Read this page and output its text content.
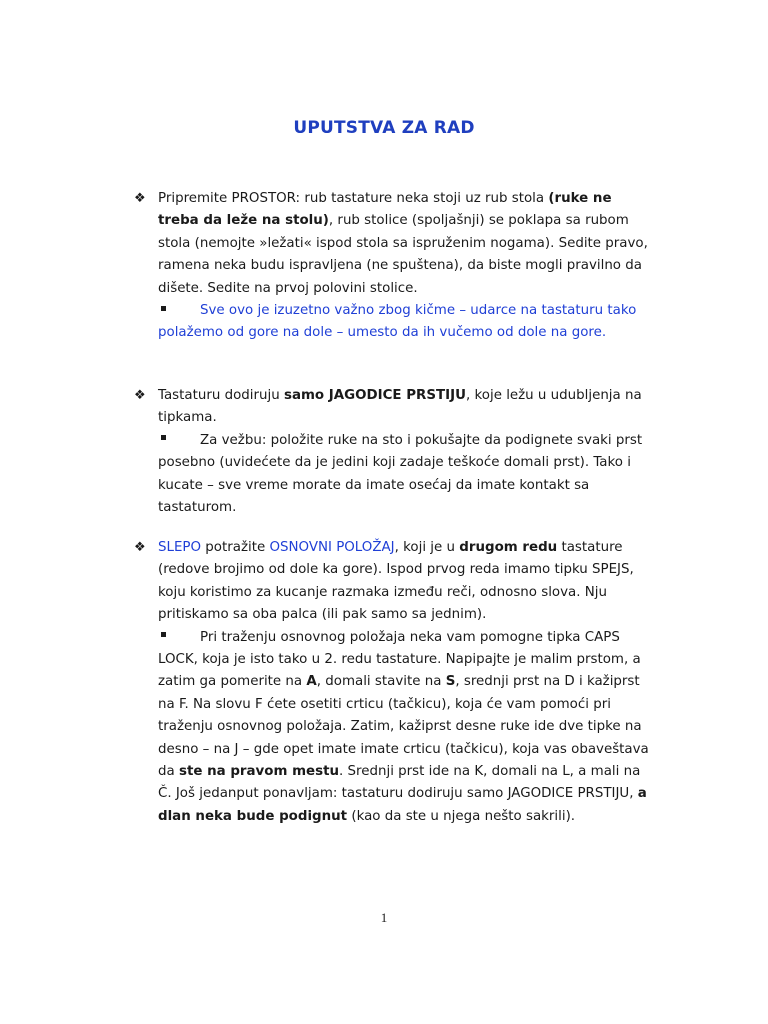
UPUTSTVA ZA RAD
❖ Pripremite PROSTOR: rub tastature neka stoji uz rub stola (ruke ne treba da leže na stolu), rub stolice (spoljašnji) se poklapa sa rubom stola (nemojte »ležati« ispod stola sa ispruženim nogama). Sedite pravo, ramena neka budu ispravljena (ne spuštena), da biste mogli pravilno da dišete. Sedite na prvoj polovini stolice.

Sve ovo je izuzetno važno zbog kičme – udarce na tastaturu tako polažemo od gore na dole – umesto da ih vučemo od dole na gore.

❖ Tastaturu dodiruju samo JAGODICE PRSTIJU, koje ležu u udubljenja na tipkama.

Za vežbu: položite ruke na sto i pokušajte da podignete svaki prst posebno (uvidećete da je jedini koji zadaje teškoće domali prst). Tako i kucate – sve vreme morate da imate osećaj da imate kontakt sa tastaturom.

❖ SLEPO potražite OSNOVNI POLOŽAJ, koji je u drugom redu tastature (redove brojimo od dole ka gore). Ispod prvog reda imamo tipku SPEJS, koju koristimo za kucanje razmaka između reči, odnosno slova. Nju pritiskamo sa oba palca (ili pak samo sa jednim).

Pri traženju osnovnog položaja neka vam pomogne tipka CAPS LOCK, koja je isto tako u 2. redu tastature. Napipajte je malim prstom, a zatim ga pomerite na A, domali stavite na S, srednji prst na D i kažiprst na F. Na slovu F ćete osetiti crticu (tačkicu), koja će vam pomoći pri traženju osnovnog položaja. Zatim, kažiprst desne ruke ide dve tipke na desno – na J – gde opet imate imate crticu (tačkicu), koja vas obaveštava da ste na pravom mestu. Srednji prst ide na K, domali na L, a mali na Č. Još jedanput ponavljam: tastaturu dodiruju samo JAGODICE PRSTIJU, a dlan neka bude podignut (kao da ste u njega nešto sakrili).

1
